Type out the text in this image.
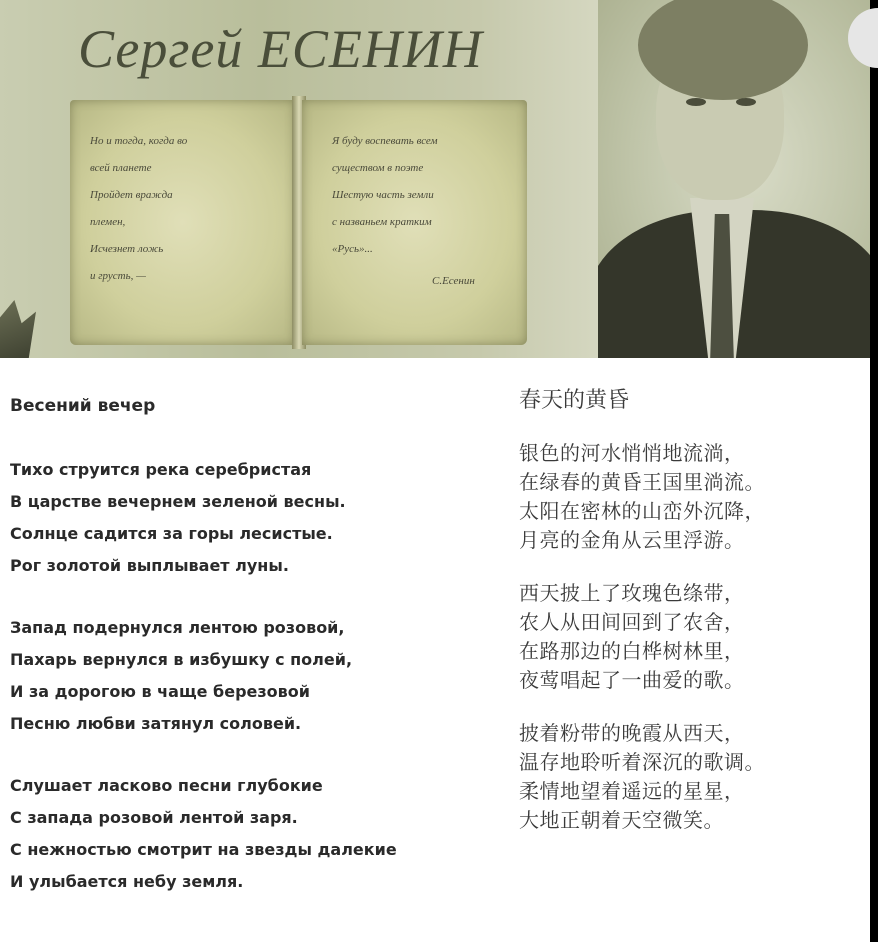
Сергей ЕСЕНИН
Но и тогда, когда во
всей планете
Пройдет вражда
племен,
Исчезнет ложь
и грусть, —
Я буду воспевать всем
существом в поэте
Шестую часть земли
с названьем кратким
«Русь»...
С.Есенин
Весений вечер
Тихо струится река серебристая
В царстве вечернем зеленой весны.
Солнце садится за горы лесистые.
Рог золотой выплывает луны.
Запад подернулся лентою розовой,
Пахарь вернулся в избушку с полей,
И за дорогою в чаще березовой
Песню любви затянул соловей.
Слушает ласково песни глубокие
С запада розовой лентой заря.
С нежностью смотрит на звезды далекие
И улыбается небу земля.
春天的黄昏
银色的河水悄悄地流淌，
在绿春的黄昏王国里淌流。
太阳在密林的山峦外沉降，
月亮的金角从云里浮游。
西天披上了玫瑰色绦带，
农人从田间回到了农舍，
在路那边的白桦树林里，
夜莺唱起了一曲爱的歌。
披着粉带的晚霞从西天，
温存地聆听着深沉的歌调。
柔情地望着遥远的星星，
大地正朝着天空微笑。
